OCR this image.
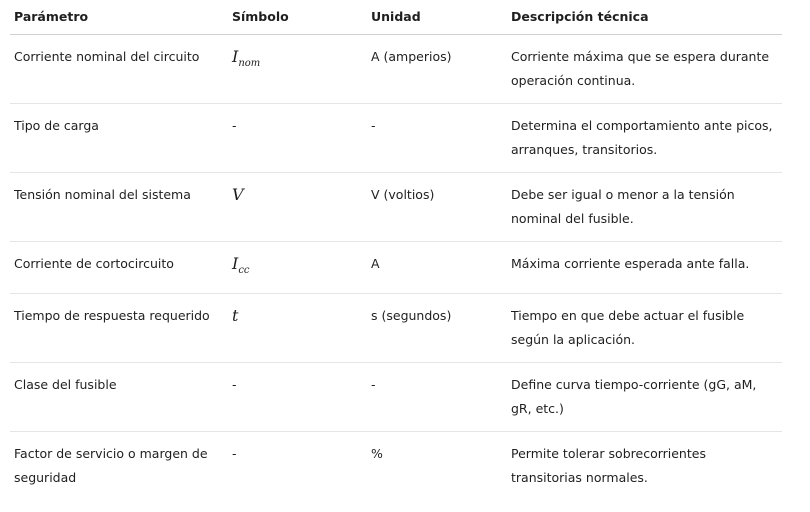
Parámetro	Símbolo	Unidad	Descripción técnica
Corriente nominal del circuito	$I_{nom}$	A (amperios)	Corriente máxima que se espera durante operación continua.
Tipo de carga	-	-	Determina el comportamiento ante picos, arranques, transitorios.
Tensión nominal del sistema	V	V (voltios)	Debe ser igual o menor a la tensión nominal del fusible.
Corriente de cortocircuito	$I_{cc}$	A	Máxima corriente esperada ante falla.
Tiempo de respuesta requerido	t	s (segundos)	Tiempo en que debe actuar el fusible según la aplicación.
Clase del fusible	-	-	Define curva tiempo-corriente (gG, aM, gR, etc.)
Factor de servicio o margen de seguridad	-	%	Permite tolerar sobrecorrientes transitorias normales.
